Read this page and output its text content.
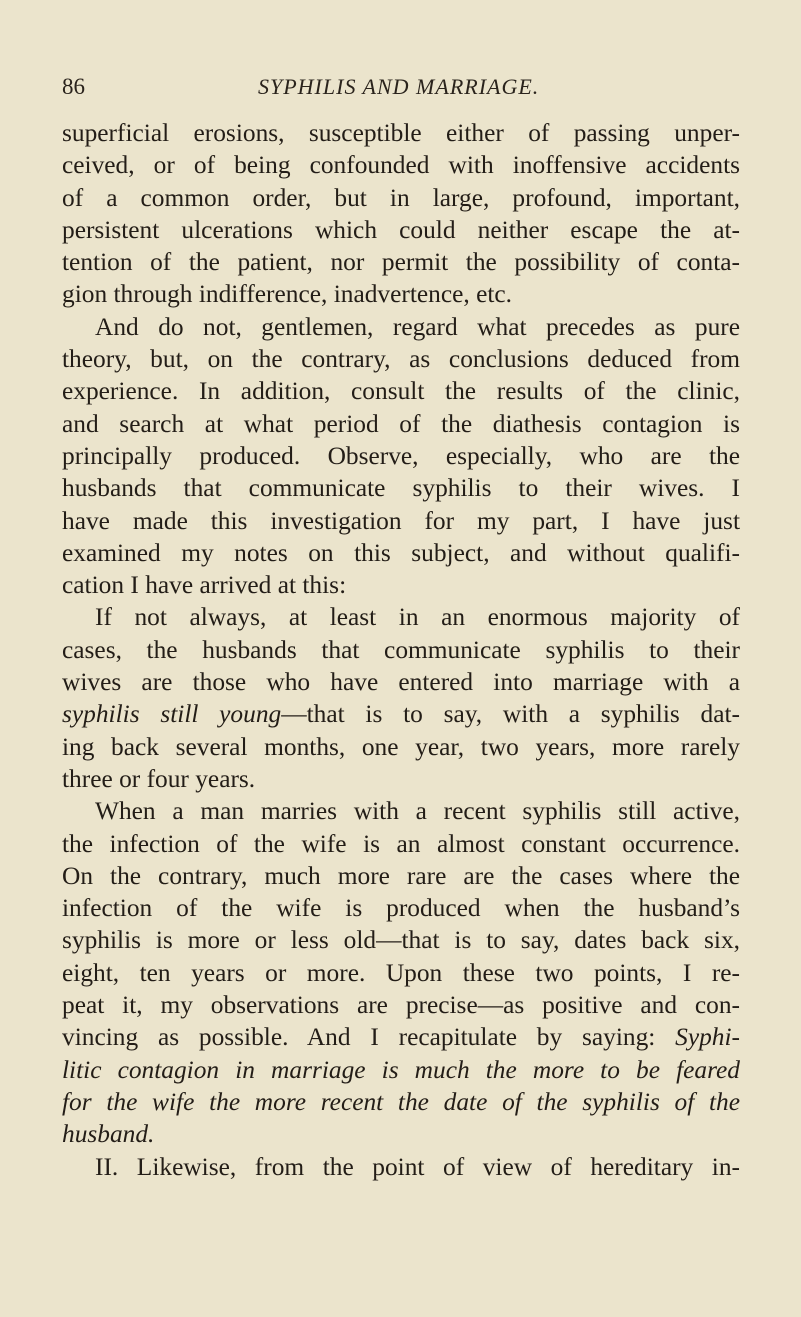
86	SYPHILIS AND MARRIAGE.
superficial erosions, susceptible either of passing unper-
ceived, or of being confounded with inoffensive accidents
of a common order, but in large, profound, important,
persistent ulcerations which could neither escape the at-
tention of the patient, nor permit the possibility of conta-
gion through indifference, inadvertence, etc.
And do not, gentlemen, regard what precedes as pure
theory, but, on the contrary, as conclusions deduced from
experience. In addition, consult the results of the clinic,
and search at what period of the diathesis contagion is
principally produced. Observe, especially, who are the
husbands that communicate syphilis to their wives. I
have made this investigation for my part, I have just
examined my notes on this subject, and without qualifi-
cation I have arrived at this:
If not always, at least in an enormous majority of
cases, the husbands that communicate syphilis to their
wives are those who have entered into marriage with a
syphilis still young—that is to say, with a syphilis dat-
ing back several months, one year, two years, more rarely
three or four years.
When a man marries with a recent syphilis still active,
the infection of the wife is an almost constant occurrence.
On the contrary, much more rare are the cases where the
infection of the wife is produced when the husband’s
syphilis is more or less old—that is to say, dates back six,
eight, ten years or more. Upon these two points, I re-
peat it, my observations are precise—as positive and con-
vincing as possible. And I recapitulate by saying: Syphi-
litic contagion in marriage is much the more to be feared
for the wife the more recent the date of the syphilis of the
husband.
II. Likewise, from the point of view of hereditary in-
